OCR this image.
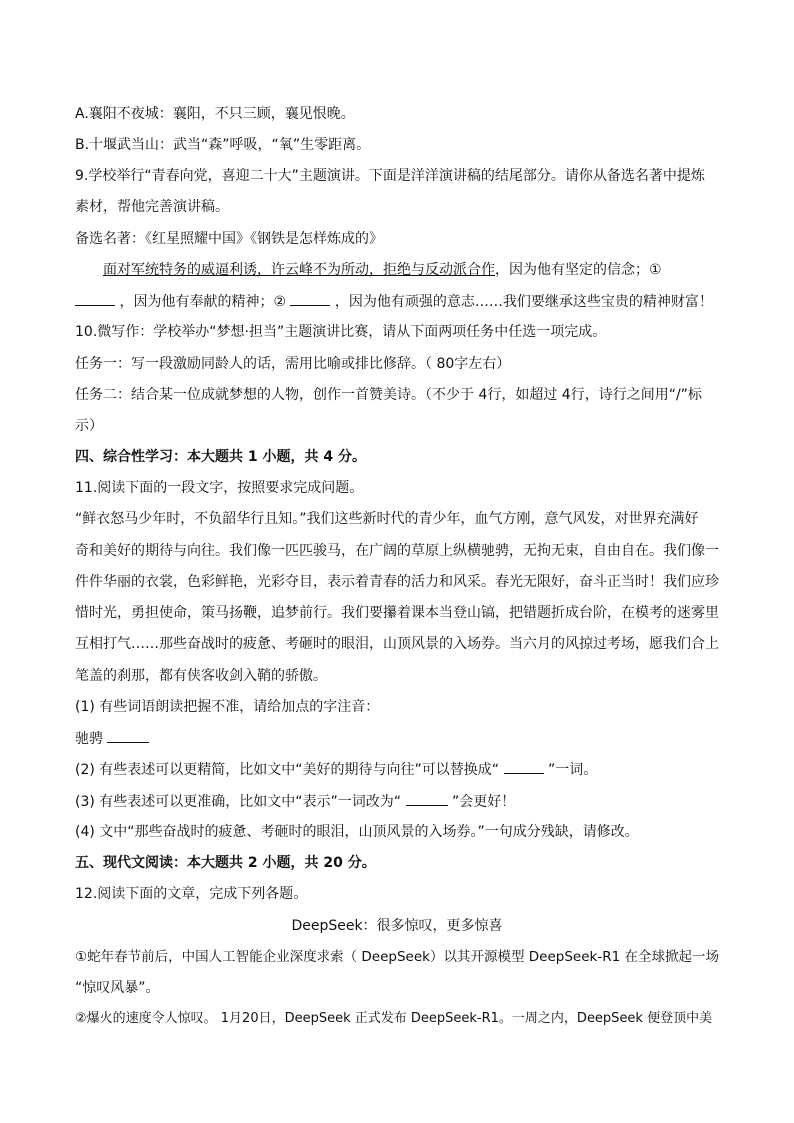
A.襄阳不夜城：襄阳，不只三顾，襄见恨晚。
B.十堰武当山：武当“森”呼吸，“氧”生零距离。
9.学校举行“青春向党，喜迎二十大”主题演讲。下面是洋洋演讲稿的结尾部分。请你从备选名著中提炼
素材，帮他完善演讲稿。
备选名著：《红星照耀中国》《钢铁是怎样炼成的》
面对军统特务的威逼利诱，许云峰不为所动，拒绝与反动派合作，因为他有坚定的信念；①
，因为他有奉献的精神；②	，因为他有顽强的意志……我们要继承这些宝贵的精神财富！
10.微写作：学校举办“梦想·担当”主题演讲比赛，请从下面两项任务中任选一项完成。
任务一：写一段激励同龄人的话，需用比喻或排比修辞。（ 80字左右）
任务二：结合某一位成就梦想的人物，创作一首赞美诗。（不少于 4行，如超过 4行，诗行之间用“/”标
示）
四、综合性学习：本大题共 1 小题，共 4 分。
11.阅读下面的一段文字，按照要求完成问题。
“鲜衣怒马少年时，不负韶华行且知。”我们这些新时代的青少年，血气方刚，意气风发，对世界充满好
奇和美好的期待与向往。我们像一匹匹骏马，在广阔的草原上纵横驰骋，无拘无束，自由自在。我们像一
件件华丽的衣裳，色彩鲜艳，光彩夺目，表示着青春的活力和风采。春光无限好，奋斗正当时！我们应珍
惜时光，勇担使命，策马扬鞭，追梦前行。我们要攥着课本当登山镐，把错题折成台阶，在模考的迷雾里
互相打气……那些奋战时的疲惫、考砸时的眼泪，山顶风景的入场券。当六月的风掠过考场，愿我们合上
笔盖的刹那，都有侠客收剑入鞘的骄傲。
(1) 有些词语朗读把握不准，请给加点的字注音：
驰骋
(2) 有些表述可以更精简，比如文中“美好的期待与向往”可以替换成“	”一词。
(3) 有些表述可以更准确，比如文中“表示”一词改为“	”会更好！
(4) 文中“那些奋战时的疲惫、考砸时的眼泪，山顶风景的入场券。”一句成分残缺，请修改。
五、现代文阅读：本大题共 2 小题，共 20 分。
12.阅读下面的文章，完成下列各题。
DeepSeek：很多惊叹，更多惊喜
①蛇年春节前后，中国人工智能企业深度求索（ DeepSeek）以其开源模型 DeepSeek-R1 在全球掀起一场
“惊叹风暴”。
②爆火的速度令人惊叹。 1月20日，DeepSeek 正式发布 DeepSeek-R1。一周之内，DeepSeek 便登顶中美
